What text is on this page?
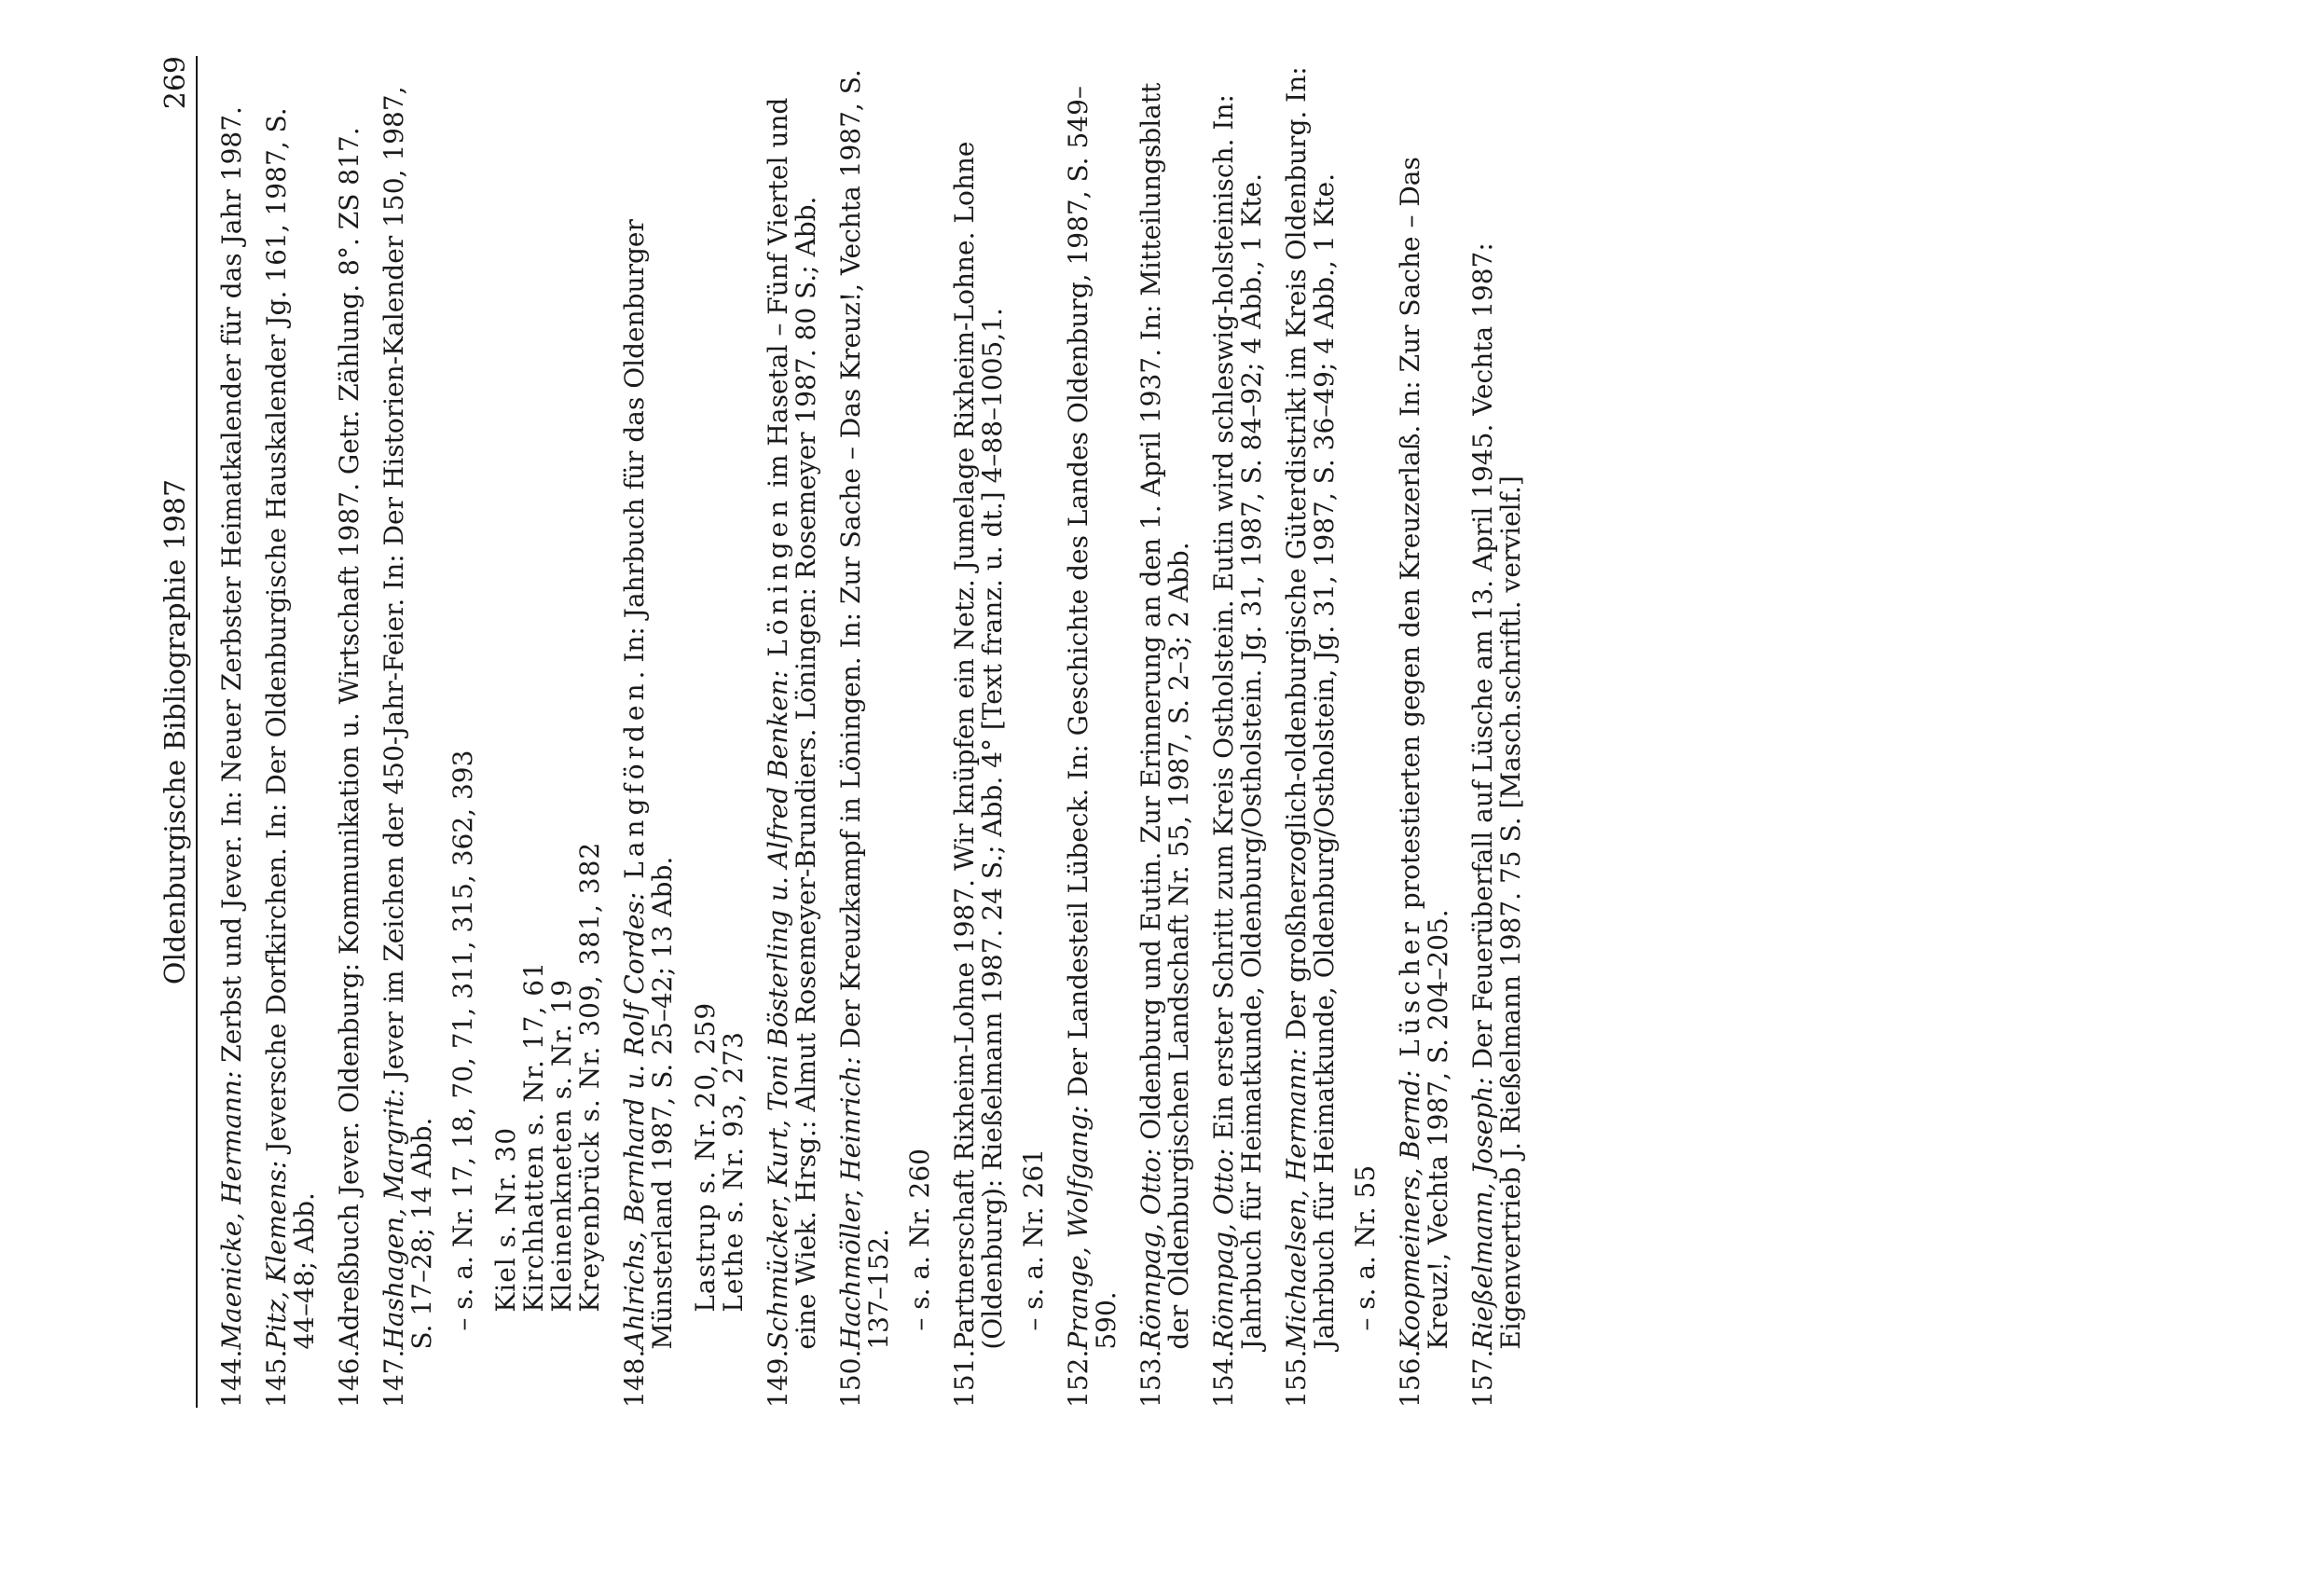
Oldenburgische Bibliographie 1987
269
144.
Maenicke, Hermann: Zerbst und Jever. In: Neuer Zerbster Heimatkalender für das Jahr 1987.
145.
Pitz, Klemens: Jeversche Dorfkirchen. In: Der Oldenburgische Hauskalender Jg. 161, 1987, S. 44–48; Abb.
146.
Adreßbuch Jever. Oldenburg: Kommunikation u. Wirtschaft 1987. Getr. Zählung. 8°. ZS 817.
147.
Hashagen, Margrit: Jever im Zeichen der 450-Jahr-Feier. In: Der Historien-Kalender 150, 1987, S. 17–28; 14 Abb. – s. a. Nr. 17, 18, 70, 71, 311, 315, 362, 393 Kiel s. Nr. 30
Kirchhatten s. Nr. 17, 61
Kleinenkneten s. Nr. 19
Kreyenbrück s. Nr. 309, 381, 382
148.
Ahlrichs, Bernhard u. Rolf Cordes: Langförden. In: Jahrbuch für das Oldenburger Münsterland 1987, S. 25–42; 13 Abb. Lastrup s. Nr. 20, 259
Lethe s. Nr. 93, 273
149.
Schmücker, Kurt, Toni Bösterling u. Alfred Benken: Löningen im Hasetal – Fünf Viertel und eine Wiek. Hrsg.: Almut Rosemeyer-Brundiers. Löningen: Rosemeyer 1987. 80 S.; Abb.
150.
Hachmöller, Heinrich: Der Kreuzkampf in Löningen. In: Zur Sache – Das Kreuz!, Vechta 1987, S. 137–152. – s. a. Nr. 260
151.
Partnerschaft Rixheim-Lohne 1987. Wir knüpfen ein Netz. Jumelage Rixheim-Lohne. Lohne (Oldenburg): Rießelmann 1987. 24 S.; Abb. 4° [Text franz. u. dt.] 4–88–1005,1. – s. a. Nr. 261
152.
Prange, Wolfgang: Der Landesteil Lübeck. In: Geschichte des Landes Oldenburg, 1987, S. 549–590.
153.
Rönnpag, Otto: Oldenburg und Eutin. Zur Erinnerung an den 1. April 1937. In: Mitteilungsblatt der Oldenburgischen Landschaft Nr. 55, 1987, S. 2–3; 2 Abb.
154.
Rönnpag, Otto: Ein erster Schritt zum Kreis Ostholstein. Eutin wird schleswig-holsteinisch. In: Jahrbuch für Heimatkunde, Oldenburg/Ostholstein. Jg. 31, 1987, S. 84–92; 4 Abb., 1 Kte.
155.
Michaelsen, Hermann: Der großherzoglich-oldenburgische Güterdistrikt im Kreis Oldenburg. In: Jahrbuch für Heimatkunde, Oldenburg/Ostholstein, Jg. 31, 1987, S. 36–49; 4 Abb., 1 Kte. – s. a. Nr. 55
156.
Koopmeiners, Bernd: Lüscher protestierten gegen den Kreuzerlaß. In: Zur Sache – Das Kreuz!, Vechta 1987, S. 204–205.
157.
Rießelmann, Joseph: Der Feuerüberfall auf Lüsche am 13. April 1945. Vechta 1987: Eigenvertrieb J. Rießelmann 1987. 75 S. [Masch.schriftl. vervielf.]
